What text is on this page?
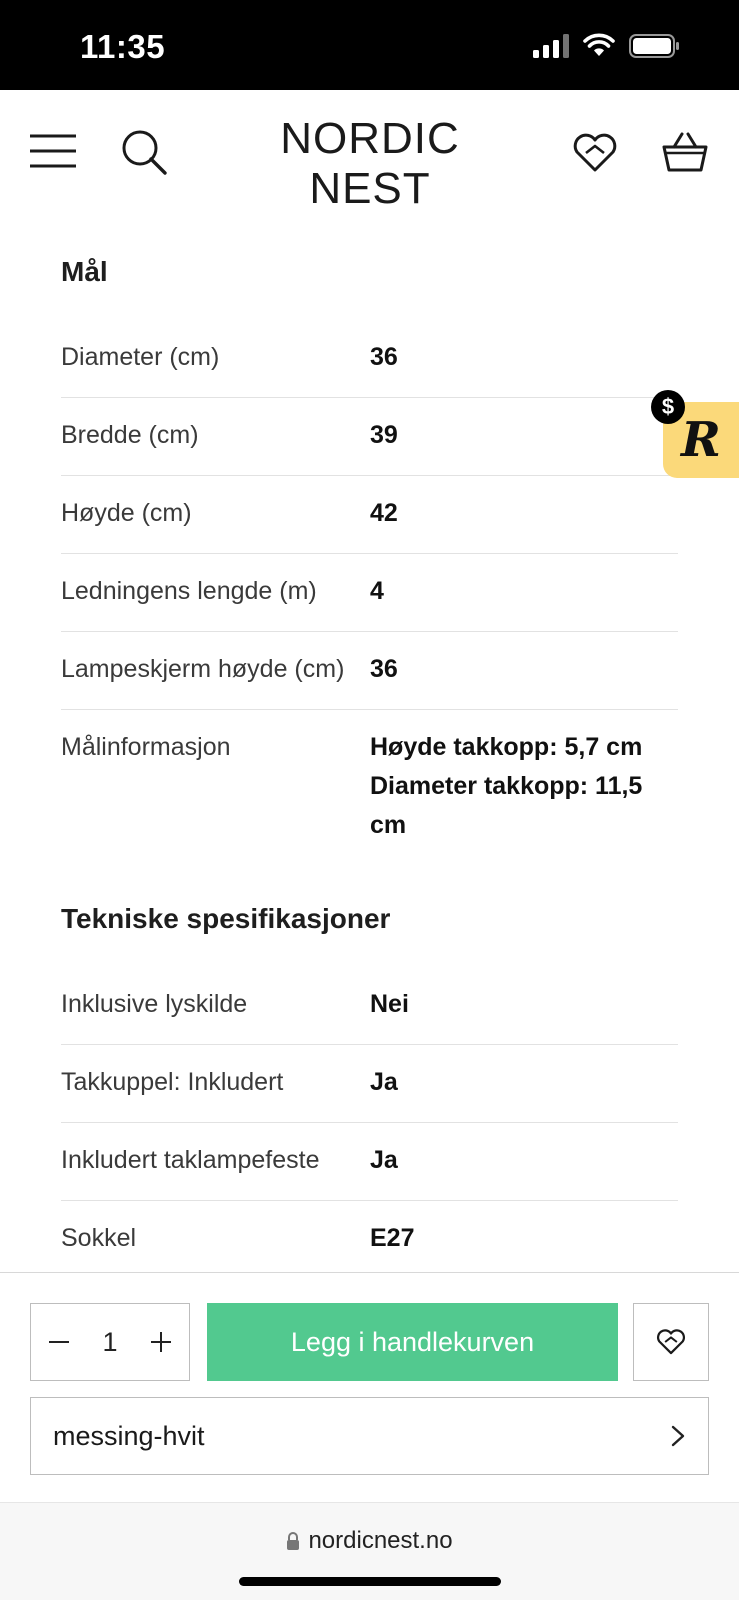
11:35
NORDIC
NEST
Mål
Diameter (cm)	36
Bredde (cm)	39
Høyde (cm)	42
Ledningens lengde (m)	4
Lampeskjerm høyde (cm)	36
Målinformasjon	Høyde takkopp: 5,7 cm Diameter takkopp: 11,5 cm
Tekniske spesifikasjoner
Inklusive lyskilde	Nei
Takkuppel: Inkludert	Ja
Inkludert taklampefeste	Ja
Sokkel	E27
$
R
1	Legg i handlekurven
messing-hvit
nordicnest.no
